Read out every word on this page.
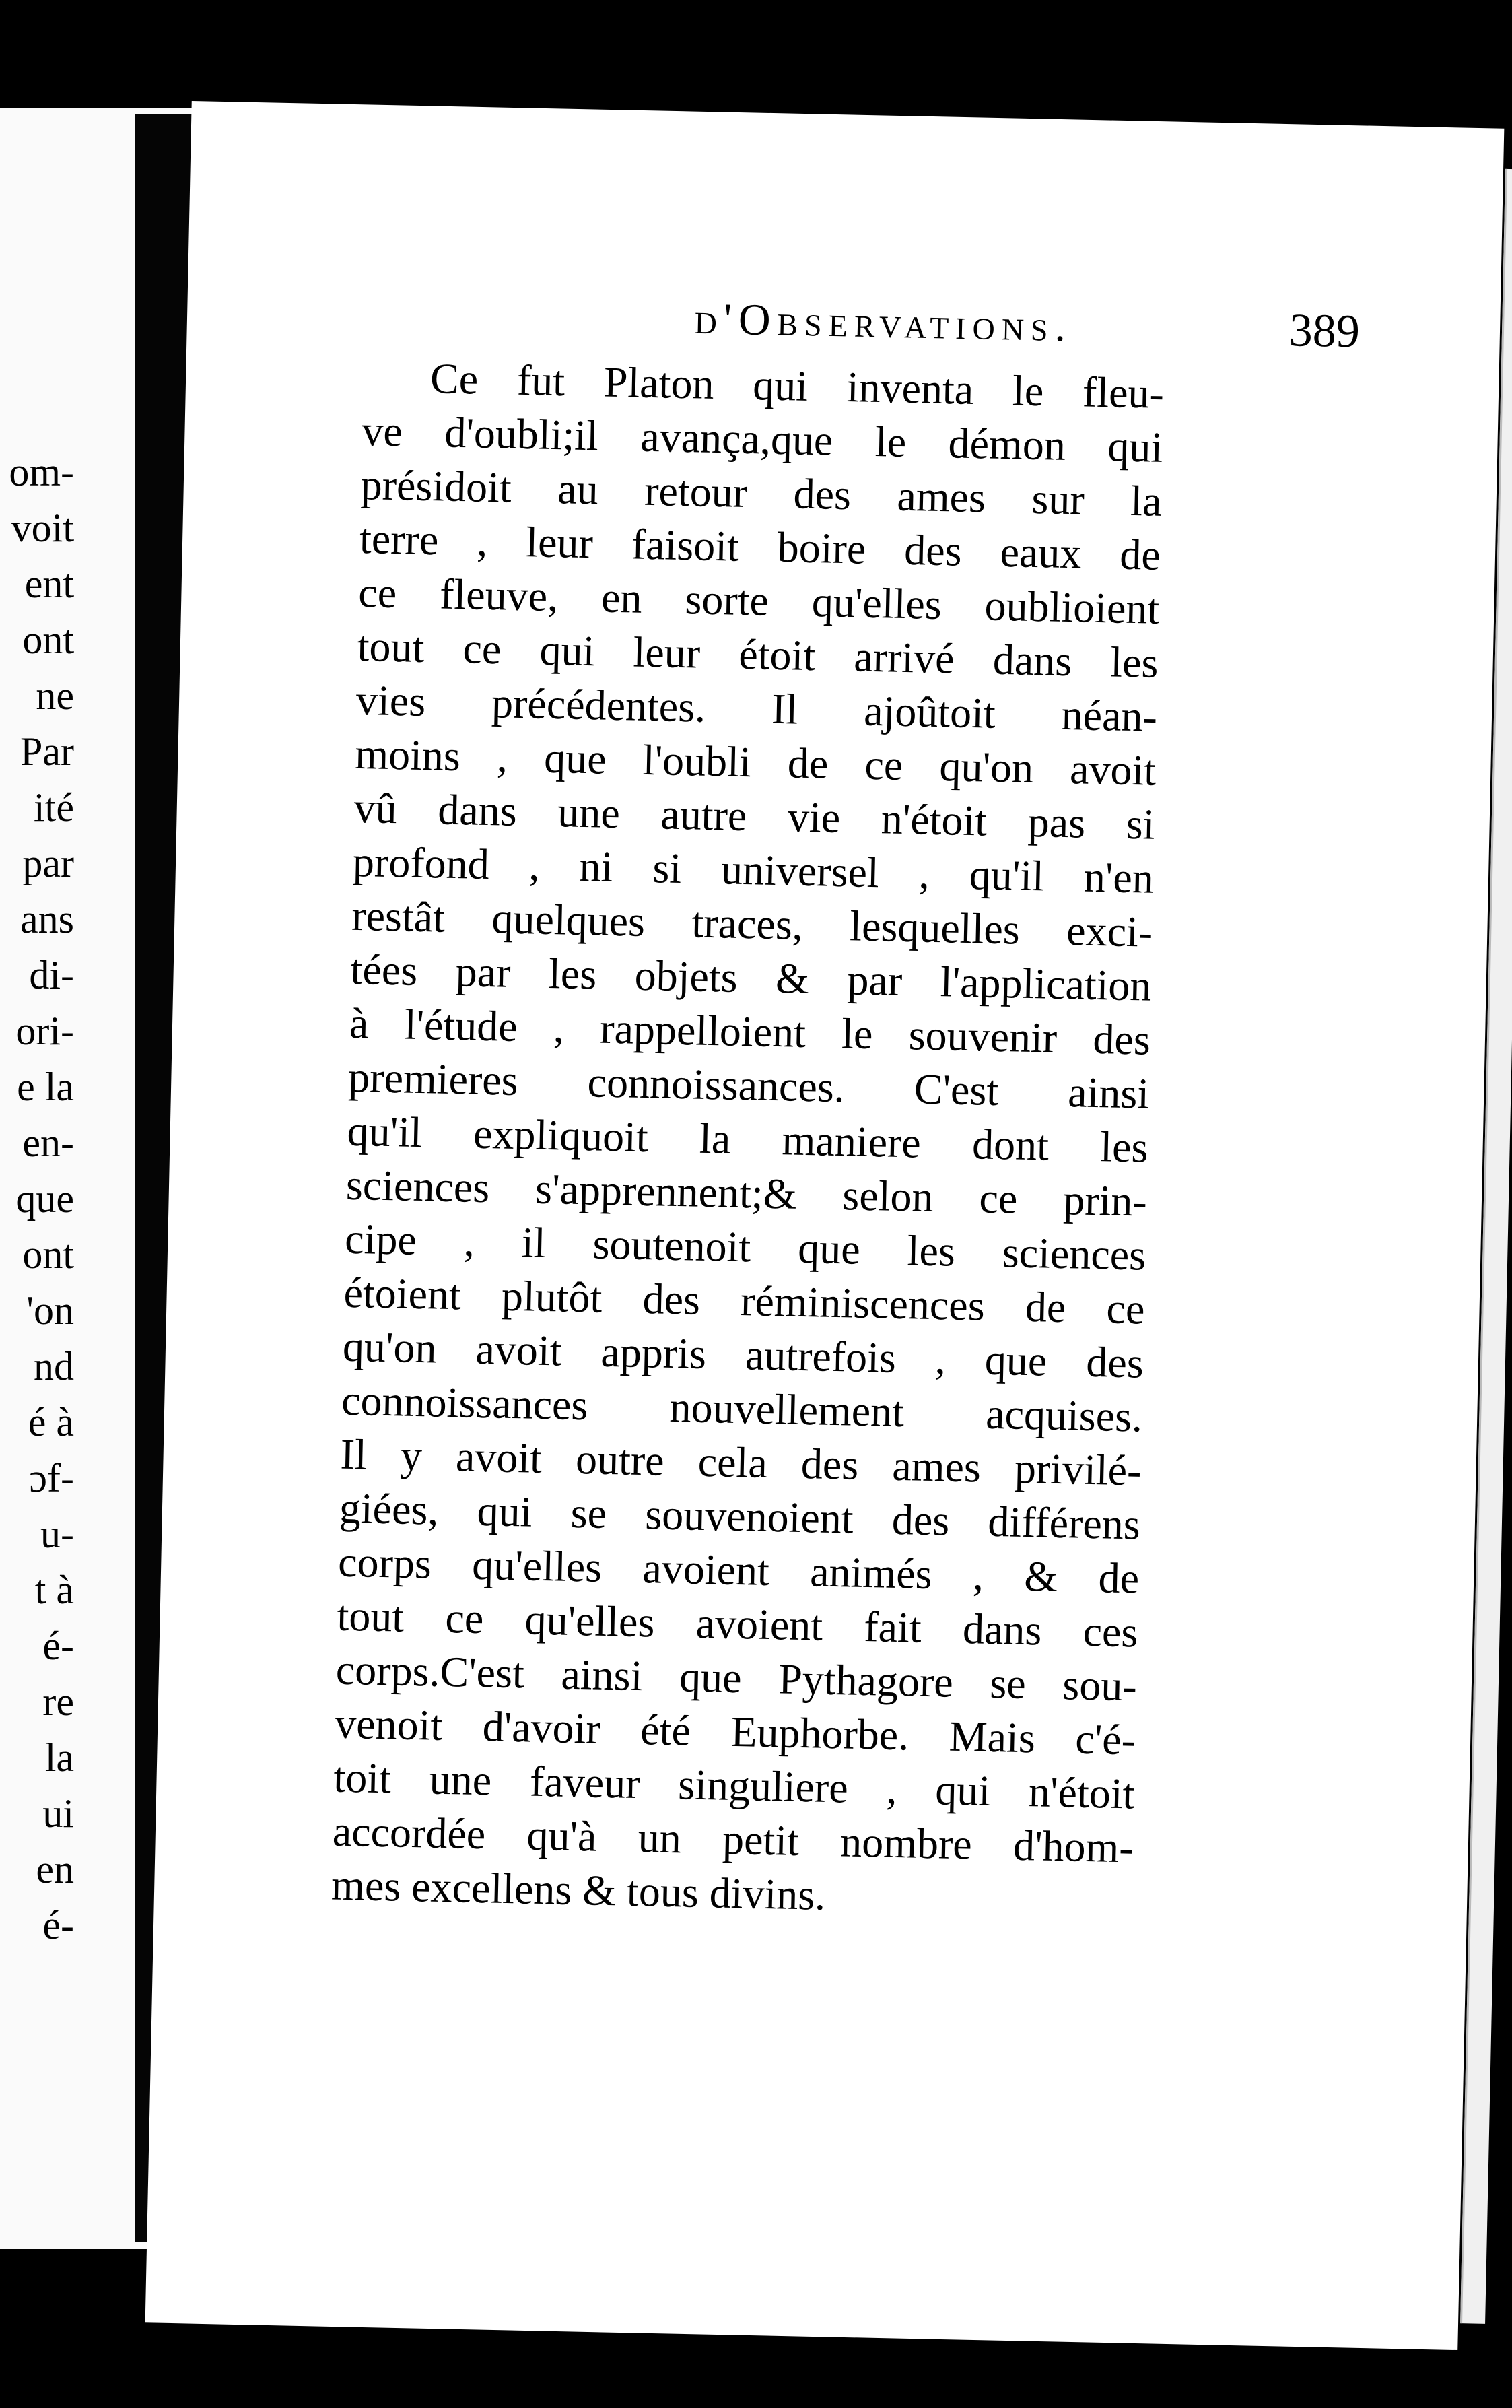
om-
voit
ent
ont
ne
Par
ité
par
ans
di-
ori-
e la
en-
que
ont
'on
nd
é à
ɔf-
u-
t à
é-
re
la
ui
en
é-
d'Observations.	389
Ce fut Platon qui inventa le fleu-
ve d'oubli;il avança,que le démon qui
présidoit au retour des ames sur la
terre , leur faisoit boire des eaux de
ce fleuve, en sorte qu'elles oublioient
tout ce qui leur étoit arrivé dans les
vies précédentes. Il ajoûtoit néan-
moins , que l'oubli de ce qu'on avoit
vû dans une autre vie n'étoit pas si
profond , ni si universel , qu'il n'en
restât quelques traces, lesquelles exci-
tées par les objets & par l'application
à l'étude , rappelloient le souvenir des
premieres connoissances. C'est ainsi
qu'il expliquoit la maniere dont les
sciences s'apprennent;& selon ce prin-
cipe , il soutenoit que les sciences
étoient plutôt des réminiscences de ce
qu'on avoit appris autrefois , que des
connoissances nouvellement acquises.
Il y avoit outre cela des ames privilé-
giées, qui se souvenoient des différens
corps qu'elles avoient animés , & de
tout ce qu'elles avoient fait dans ces
corps.C'est ainsi que Pythagore se sou-
venoit d'avoir été Euphorbe. Mais c'é-
toit une faveur singuliere , qui n'étoit
accordée qu'à un petit nombre d'hom-
mes excellens & tous divins.
